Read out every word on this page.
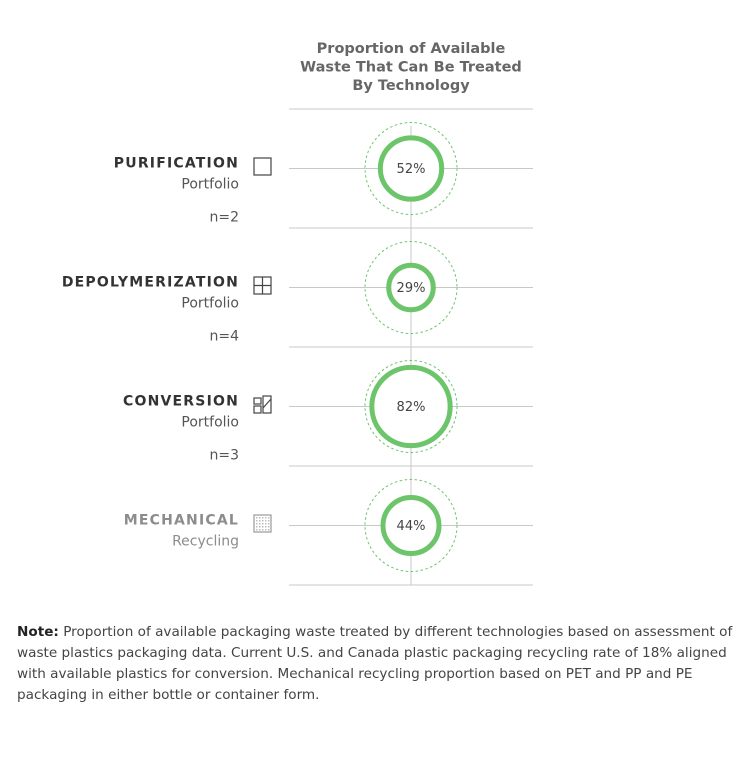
Proportion of Available
Waste That Can Be Treated
By Technology
52%
PURIFICATION
Portfolio
n=2
29%
DEPOLYMERIZATION
Portfolio
n=4
82%
CONVERSION
Portfolio
n=3
44%
MECHANICAL
Recycling
Note: Proportion of available packaging waste treated by different technologies based on assessment of waste plastics packaging data. Current U.S. and Canada plastic packaging recycling rate of 18% aligned with available plastics for conversion. Mechanical recycling proportion based on PET and PP and PE packaging in either bottle or container form.
